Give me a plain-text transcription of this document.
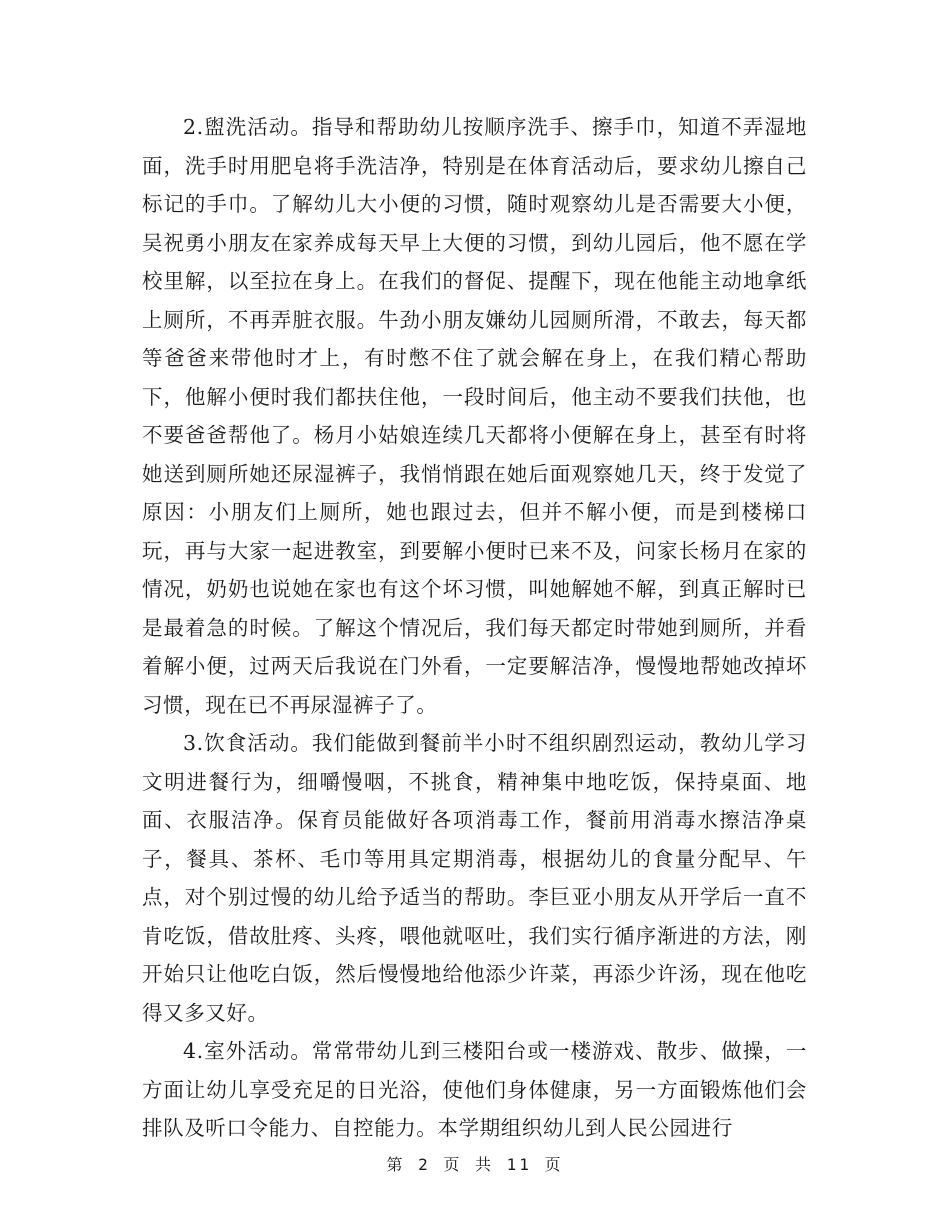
2.盥洗活动。指导和帮助幼儿按顺序洗手、擦手巾，知道不弄湿地面，洗手时用肥皂将手洗洁净，特别是在体育活动后，要求幼儿擦自己标记的手巾。了解幼儿大小便的习惯，随时观察幼儿是否需要大小便，吴祝勇小朋友在家养成每天早上大便的习惯，到幼儿园后，他不愿在学校里解，以至拉在身上。在我们的督促、提醒下，现在他能主动地拿纸上厕所，不再弄脏衣服。牛劲小朋友嫌幼儿园厕所滑，不敢去，每天都等爸爸来带他时才上，有时憋不住了就会解在身上，在我们精心帮助下，他解小便时我们都扶住他，一段时间后，他主动不要我们扶他，也不要爸爸帮他了。杨月小姑娘连续几天都将小便解在身上，甚至有时将她送到厕所她还尿湿裤子，我悄悄跟在她后面观察她几天，终于发觉了原因：小朋友们上厕所，她也跟过去，但并不解小便，而是到楼梯口玩，再与大家一起进教室，到要解小便时已来不及，问家长杨月在家的情况，奶奶也说她在家也有这个坏习惯，叫她解她不解，到真正解时已是最着急的时候。了解这个情况后，我们每天都定时带她到厕所，并看着解小便，过两天后我说在门外看，一定要解洁净，慢慢地帮她改掉坏习惯，现在已不再尿湿裤子了。

3.饮食活动。我们能做到餐前半小时不组织剧烈运动，教幼儿学习文明进餐行为，细嚼慢咽，不挑食，精神集中地吃饭，保持桌面、地面、衣服洁净。保育员能做好各项消毒工作，餐前用消毒水擦洁净桌子，餐具、茶杯、毛巾等用具定期消毒，根据幼儿的食量分配早、午点，对个别过慢的幼儿给予适当的帮助。李巨亚小朋友从开学后一直不肯吃饭，借故肚疼、头疼，喂他就呕吐，我们实行循序渐进的方法，刚开始只让他吃白饭，然后慢慢地给他添少许菜，再添少许汤，现在他吃得又多又好。

4.室外活动。常常带幼儿到三楼阳台或一楼游戏、散步、做操，一方面让幼儿享受充足的日光浴，使他们身体健康，另一方面锻炼他们会排队及听口令能力、自控能力。本学期组织幼儿到人民公园进行

第 2 页 共 11 页
